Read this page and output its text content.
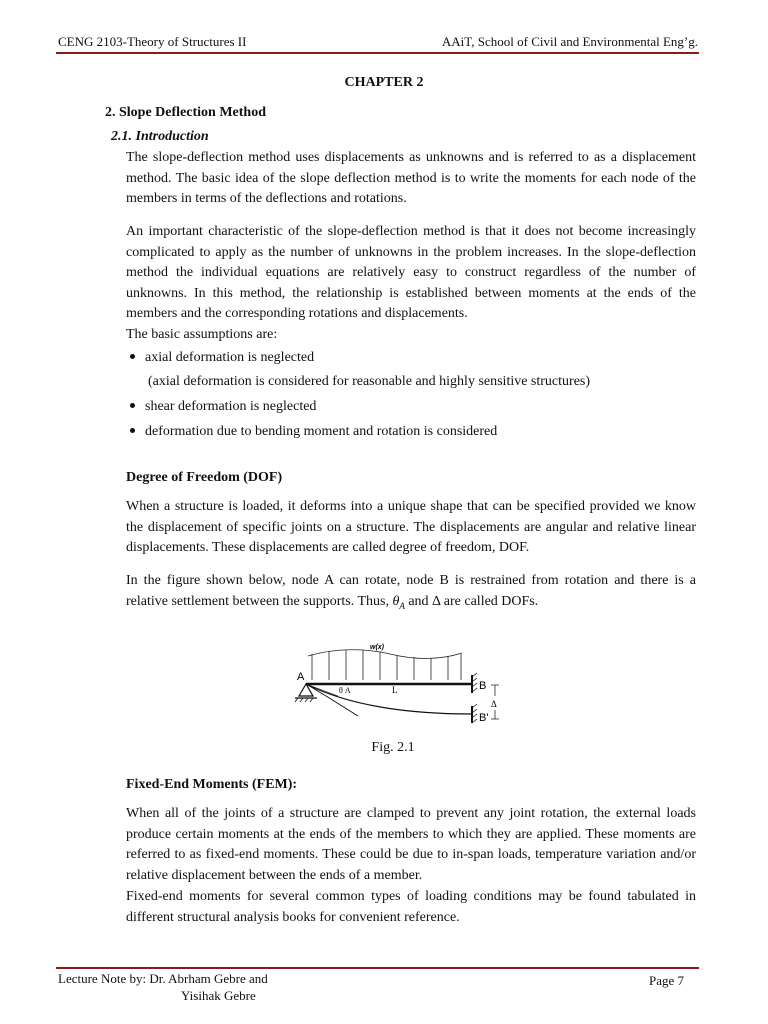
CENG 2103-Theory of Structures II	AAiT, School of Civil and Environmental Eng’g.
CHAPTER 2
2. Slope Deflection Method
2.1. Introduction
The slope-deflection method uses displacements as unknowns and is referred to as a displacement method. The basic idea of the slope deflection method is to write the moments for each node of the members in terms of the deflections and rotations.
An important characteristic of the slope-deflection method is that it does not become increasingly complicated to apply as the number of unknowns in the problem increases. In the slope-deflection method the individual equations are relatively easy to construct regardless of the number of unknowns. In this method, the relationship is established between moments at the ends of the members and the corresponding rotations and displacements.
The basic assumptions are:
axial deformation is neglected
(axial deformation is considered for reasonable and highly sensitive structures)
shear deformation is neglected
deformation due to bending moment and rotation is considered
Degree of Freedom (DOF)
When a structure is loaded, it deforms into a unique shape that can be specified provided we know the displacement of specific joints on a structure. The displacements are angular and relative linear displacements. These displacements are called degree of freedom, DOF.
In the figure shown below, node A can rotate, node B is restrained from rotation and there is a relative settlement between the supports. Thus, $\theta_A$ and Δ are called DOFs.
w(x)
A
θ A	L	B
B'
Δ
Fig. 2.1
Fixed-End Moments (FEM):
When all of the joints of a structure are clamped to prevent any joint rotation, the external loads produce certain moments at the ends of the members to which they are applied. These moments are referred to as fixed-end moments. These could be due to in-span loads, temperature variation and/or relative displacement between the ends of a member.
Fixed-end moments for several common types of loading conditions may be found tabulated in different structural analysis books for convenient reference.
Lecture Note by: Dr. Abrham Gebre and
Yisihak Gebre
Page 7
